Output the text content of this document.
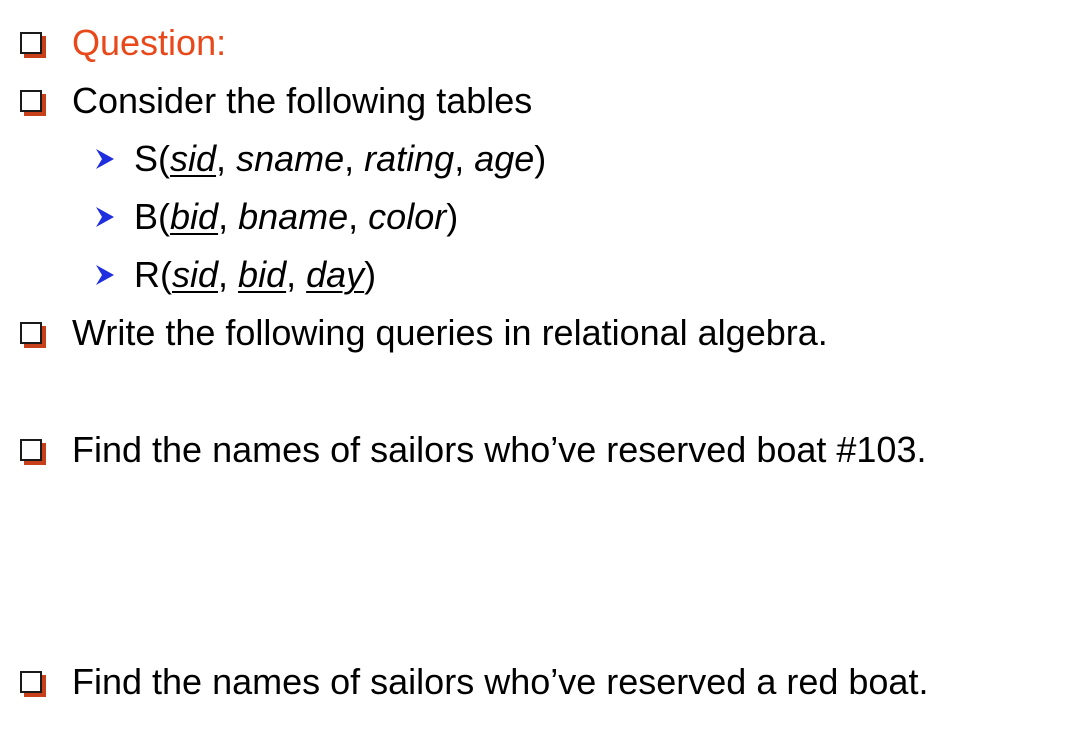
Question:
Consider the following tables
S(sid, sname, rating, age)
B(bid, bname, color)
R(sid, bid, day)
Write the following queries in relational algebra.
Find the names of sailors who’ve reserved boat #103.
Find the names of sailors who’ve reserved a red boat.
